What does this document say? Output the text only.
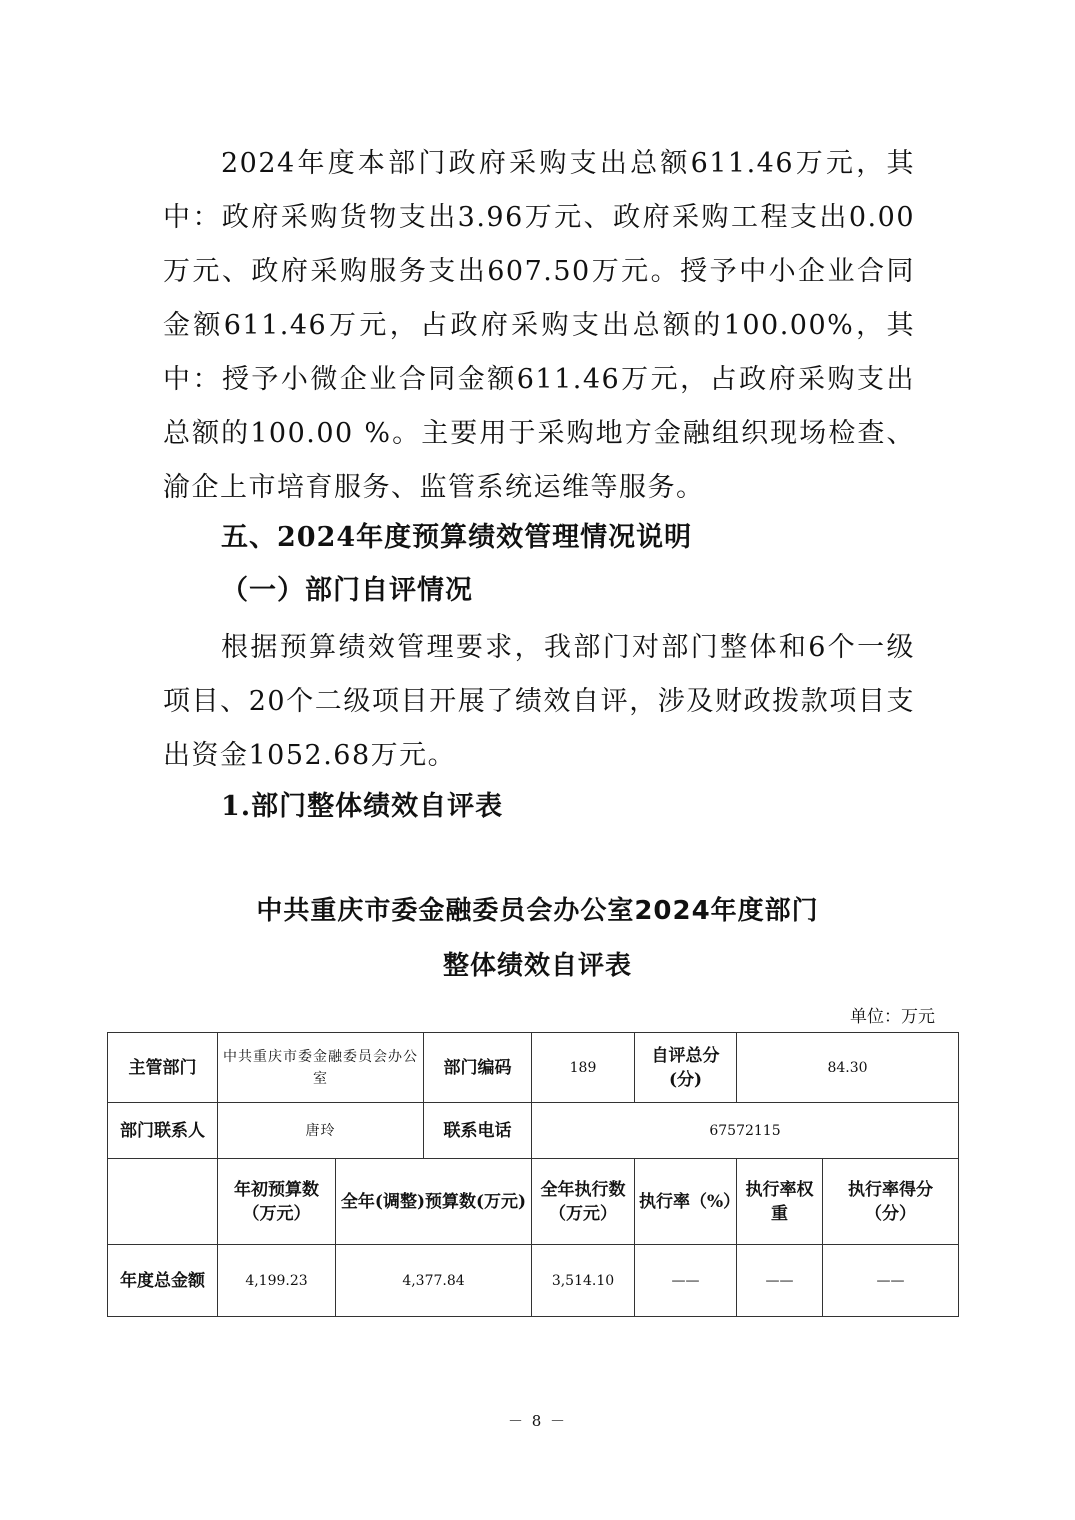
2024年度本部门政府采购支出总额611.46万元，其中：政府采购货物支出3.96万元、政府采购工程支出0.00万元、政府采购服务支出607.50万元。授予中小企业合同金额611.46万元，占政府采购支出总额的100.00%，其中：授予小微企业合同金额611.46万元，占政府采购支出总额的100.00 %。主要用于采购地方金融组织现场检查、渝企上市培育服务、监管系统运维等服务。

五、2024年度预算绩效管理情况说明

（一）部门自评情况

根据预算绩效管理要求，我部门对部门整体和6个一级项目、20个二级项目开展了绩效自评，涉及财政拨款项目支出资金1052.68万元。

1.部门整体绩效自评表

中共重庆市委金融委员会办公室2024年度部门

整体绩效自评表

单位：万元

主管部门	中共重庆市委金融委员会办公室		部门编码	189	自评总分(分)	84.30	
部门联系人	唐玲		联系电话	67572115			
	年初预算数（万元）	全年(调整)预算数(万元)		全年执行数（万元）	执行率（%）	执行率权重	执行率得分（分）
年度总金额	4,199.23	4,377.84		3,514.10	——	——	——

－ 8 －
